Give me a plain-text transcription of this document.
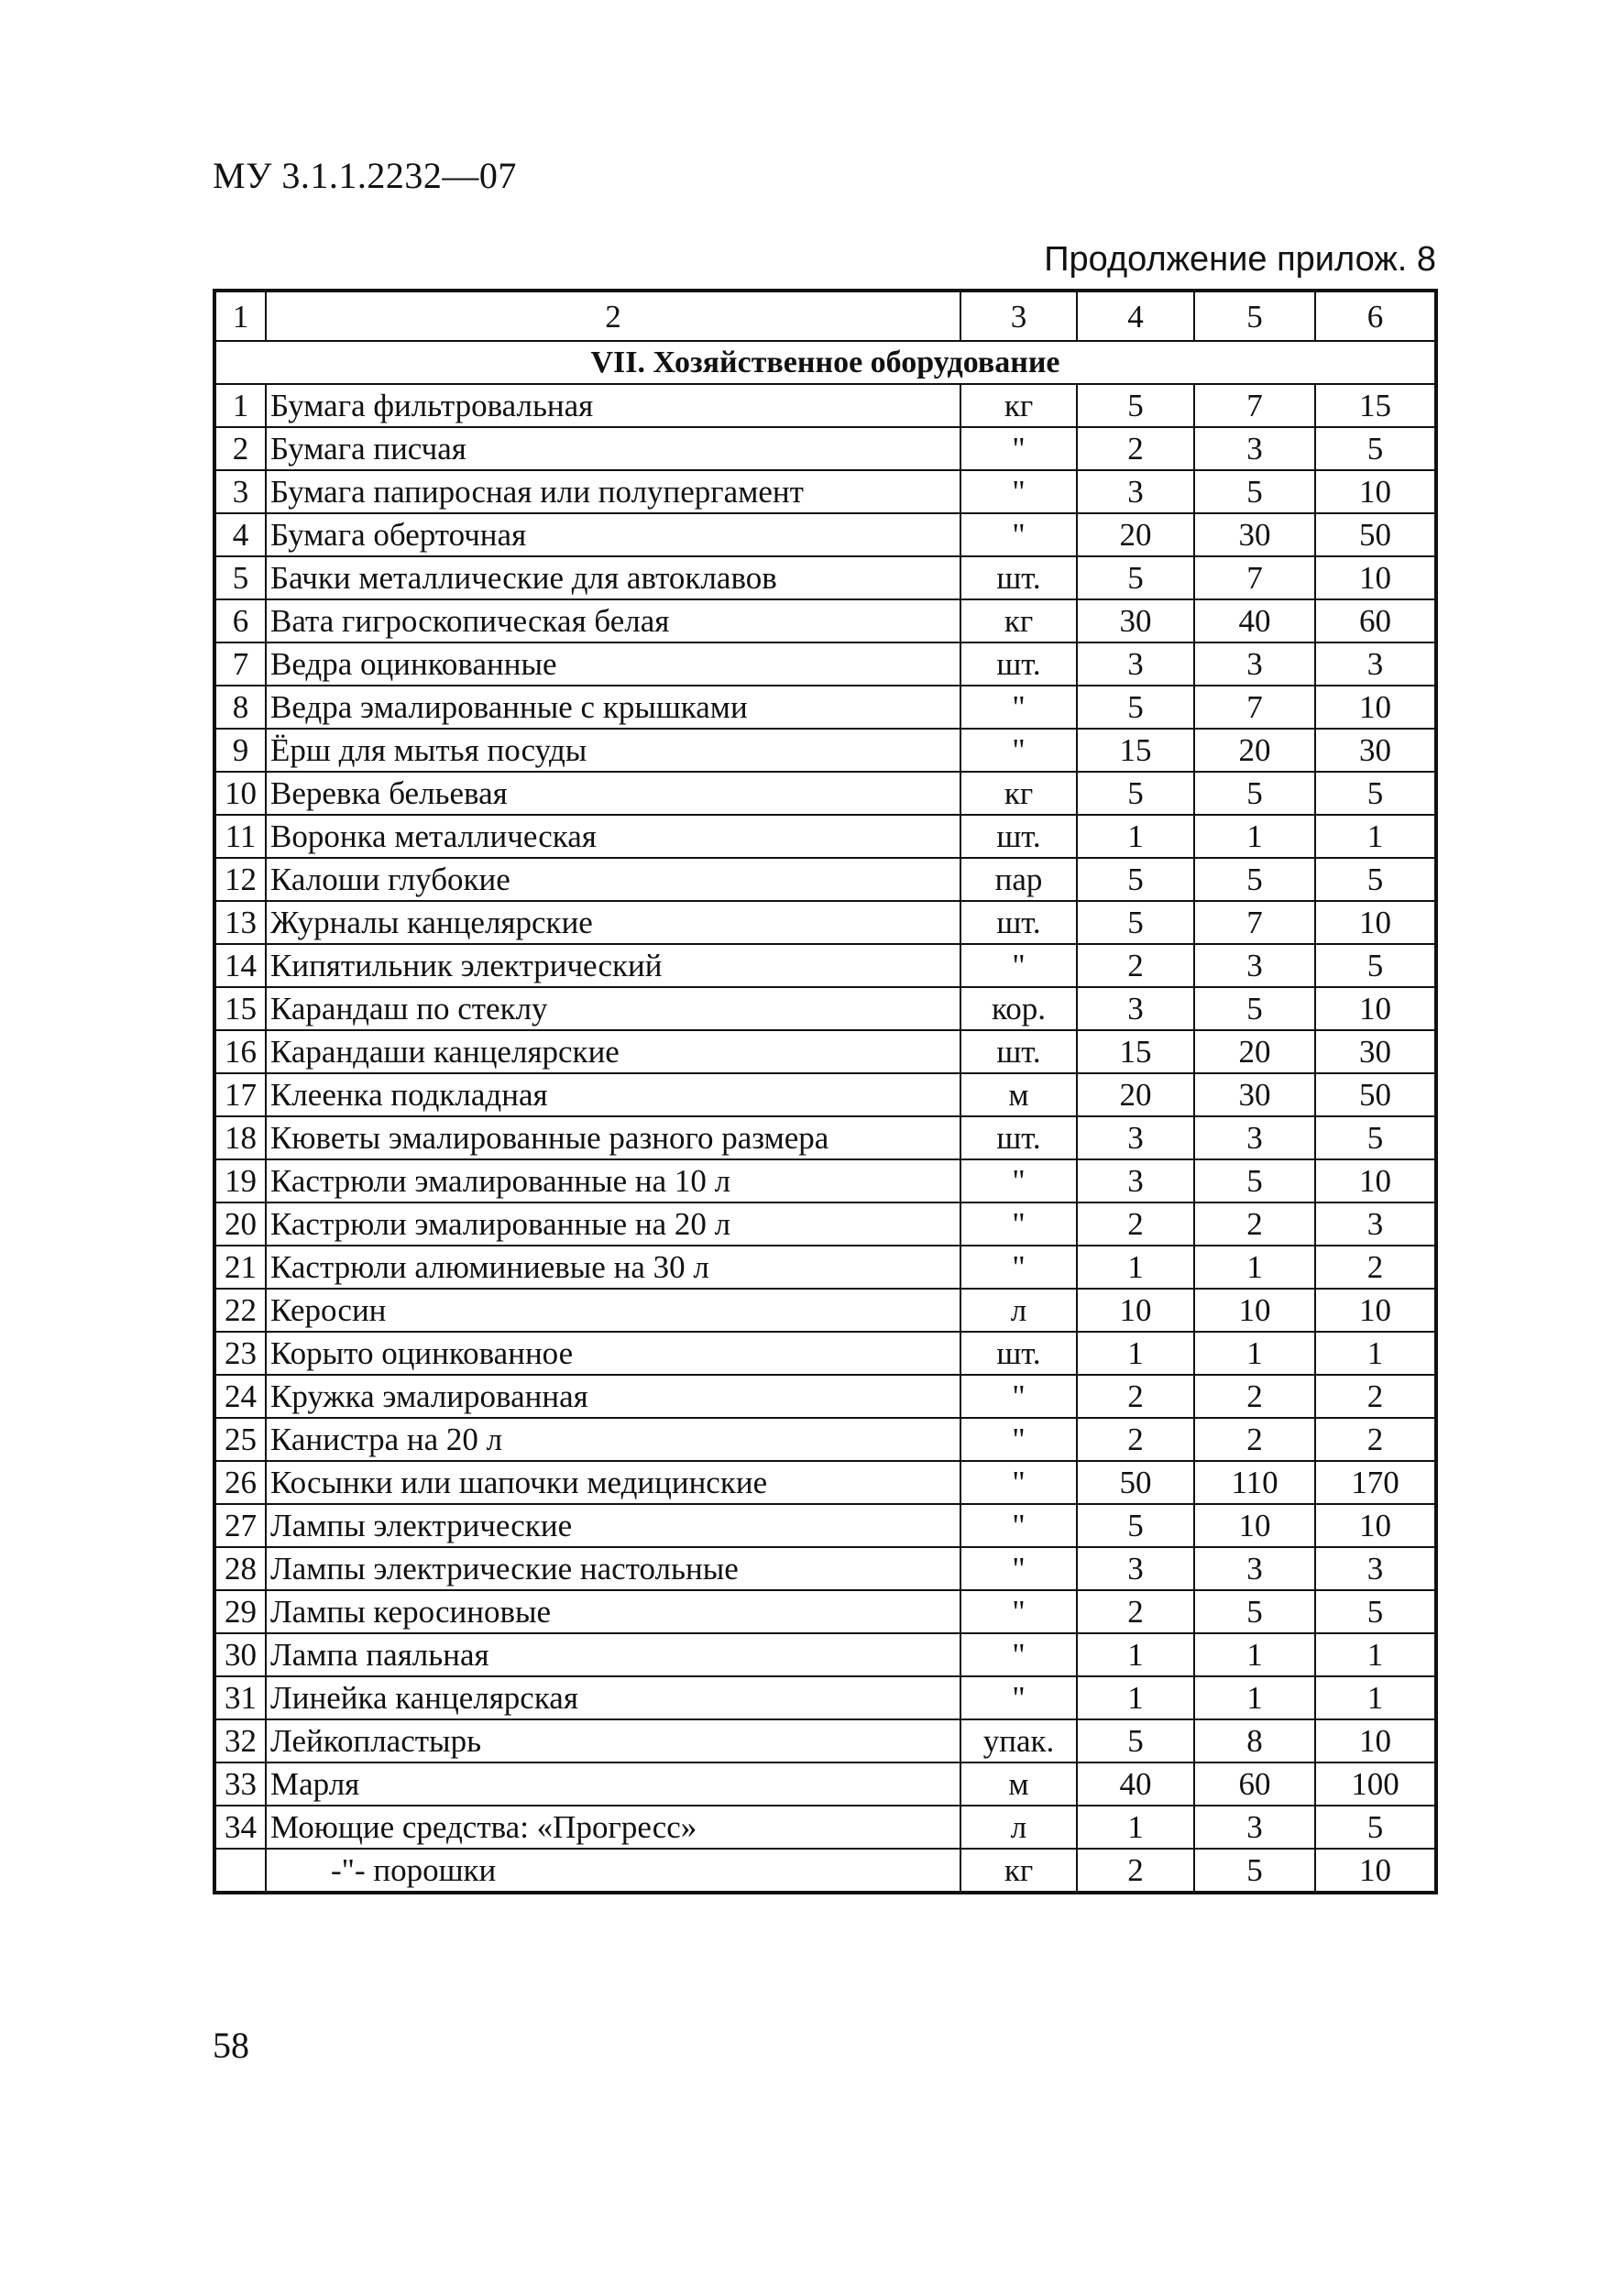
МУ 3.1.1.2232—07
Продолжение прилож. 8
1	2	3	4	5	6
VII. Хозяйственное оборудование					
1	Бумага фильтровальная	кг	5	7	15
2	Бумага писчая	"	2	3	5
3	Бумага папиросная или полупергамент	"	3	5	10
4	Бумага оберточная	"	20	30	50
5	Бачки металлические для автоклавов	шт.	5	7	10
6	Вата гигроскопическая белая	кг	30	40	60
7	Ведра оцинкованные	шт.	3	3	3
8	Ведра эмалированные с крышками	"	5	7	10
9	Ёрш для мытья посуды	"	15	20	30
10	Веревка бельевая	кг	5	5	5
11	Воронка металлическая	шт.	1	1	1
12	Калоши глубокие	пар	5	5	5
13	Журналы канцелярские	шт.	5	7	10
14	Кипятильник электрический	"	2	3	5
15	Карандаш по стеклу	кор.	3	5	10
16	Карандаши канцелярские	шт.	15	20	30
17	Клеенка подкладная	м	20	30	50
18	Кюветы эмалированные разного размера	шт.	3	3	5
19	Кастрюли эмалированные на 10 л	"	3	5	10
20	Кастрюли эмалированные на 20 л	"	2	2	3
21	Кастрюли алюминиевые на 30 л	"	1	1	2
22	Керосин	л	10	10	10
23	Корыто оцинкованное	шт.	1	1	1
24	Кружка эмалированная	"	2	2	2
25	Канистра на 20 л	"	2	2	2
26	Косынки или шапочки медицинские	"	50	110	170
27	Лампы электрические	"	5	10	10
28	Лампы электрические настольные	"	3	3	3
29	Лампы керосиновые	"	2	5	5
30	Лампа паяльная	"	1	1	1
31	Линейка канцелярская	"	1	1	1
32	Лейкопластырь	упак.	5	8	10
33	Марля	м	40	60	100
34	Моющие средства: «Прогресс»	л	1	3	5
	-"- порошки	кг	2	5	10
58
